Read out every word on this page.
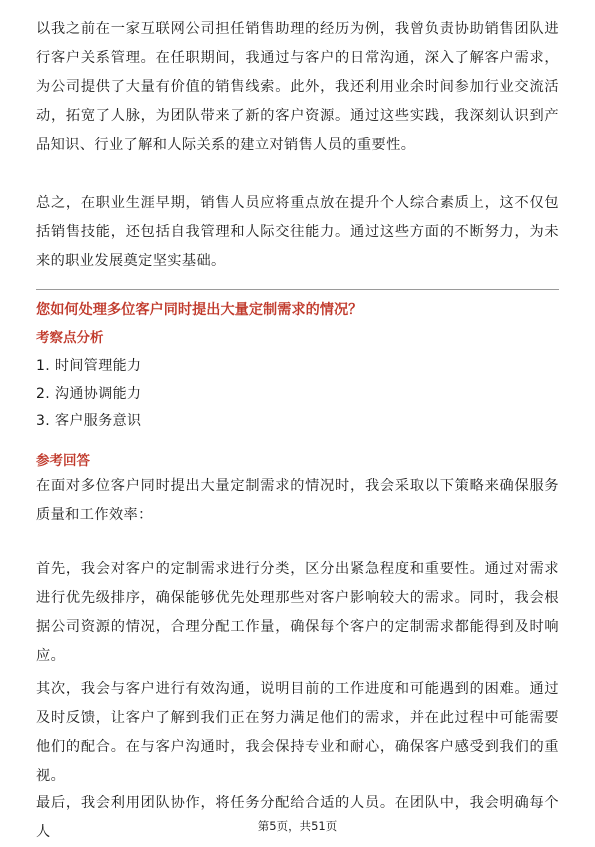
以我之前在一家互联网公司担任销售助理的经历为例，我曾负责协助销售团队进行客户关系管理。在任职期间，我通过与客户的日常沟通，深入了解客户需求，为公司提供了大量有价值的销售线索。此外，我还利用业余时间参加行业交流活动，拓宽了人脉，为团队带来了新的客户资源。通过这些实践，我深刻认识到产品知识、行业了解和人际关系的建立对销售人员的重要性。

总之，在职业生涯早期，销售人员应将重点放在提升个人综合素质上，这不仅包括销售技能，还包括自我管理和人际交往能力。通过这些方面的不断努力，为未来的职业发展奠定坚实基础。

您如何处理多位客户同时提出大量定制需求的情况？
考察点分析
1. 时间管理能力
2. 沟通协调能力
3. 客户服务意识
参考回答

在面对多位客户同时提出大量定制需求的情况时，我会采取以下策略来确保服务质量和工作效率：

首先，我会对客户的定制需求进行分类，区分出紧急程度和重要性。通过对需求进行优先级排序，确保能够优先处理那些对客户影响较大的需求。同时，我会根据公司资源的情况，合理分配工作量，确保每个客户的定制需求都能得到及时响应。

其次，我会与客户进行有效沟通，说明目前的工作进度和可能遇到的困难。通过及时反馈，让客户了解到我们正在努力满足他们的需求，并在此过程中可能需要他们的配合。在与客户沟通时，我会保持专业和耐心，确保客户感受到我们的重视。

最后，我会利用团队协作，将任务分配给合适的人员。在团队中，我会明确每个人	第5页，共51页
